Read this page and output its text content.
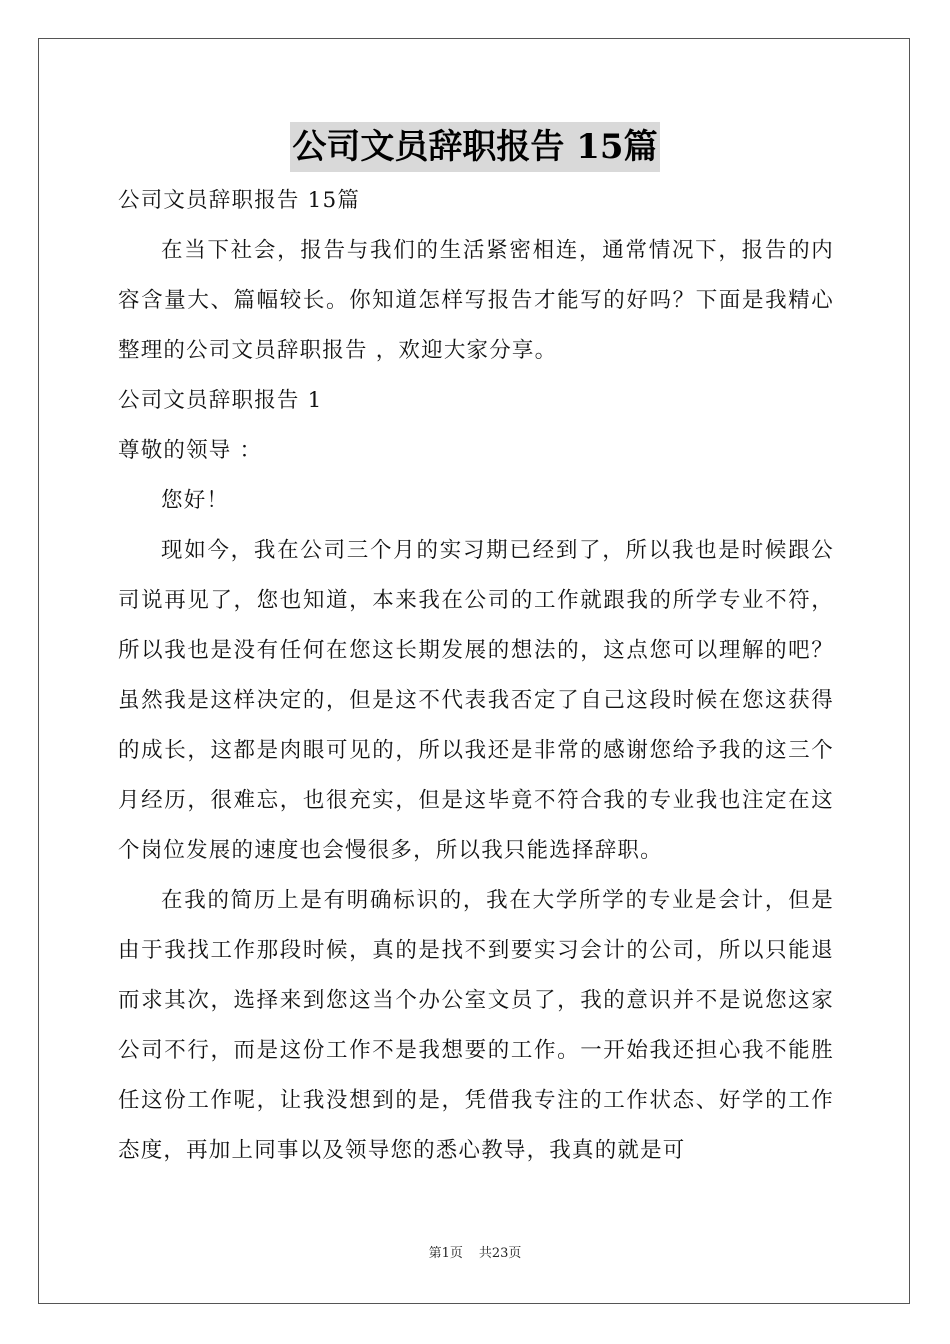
公司文员辞职报告 15篇

公司文员辞职报告 15篇

在当下社会，报告与我们的生活紧密相连，通常情况下，报告的内容含量大、篇幅较长。你知道怎样写报告才能写的好吗？下面是我精心整理的公司文员辞职报告 ，欢迎大家分享。

公司文员辞职报告 1

尊敬的领导 ：

您好！

现如今，我在公司三个月的实习期已经到了，所以我也是时候跟公司说再见了，您也知道，本来我在公司的工作就跟我的所学专业不符，所以我也是没有任何在您这长期发展的想法的，这点您可以理解的吧？虽然我是这样决定的，但是这不代表我否定了自己这段时候在您这获得的成长，这都是肉眼可见的，所以我还是非常的感谢您给予我的这三个月经历，很难忘，也很充实，但是这毕竟不符合我的专业我也注定在这个岗位发展的速度也会慢很多，所以我只能选择辞职。

在我的简历上是有明确标识的，我在大学所学的专业是会计，但是由于我找工作那段时候，真的是找不到要实习会计的公司，所以只能退而求其次，选择来到您这当个办公室文员了，我的意识并不是说您这家公司不行，而是这份工作不是我想要的工作。一开始我还担心我不能胜任这份工作呢，让我没想到的是，凭借我专注的工作状态、好学的工作态度，再加上同事以及领导您的悉心教导，我真的就是可

第1页 共23页
